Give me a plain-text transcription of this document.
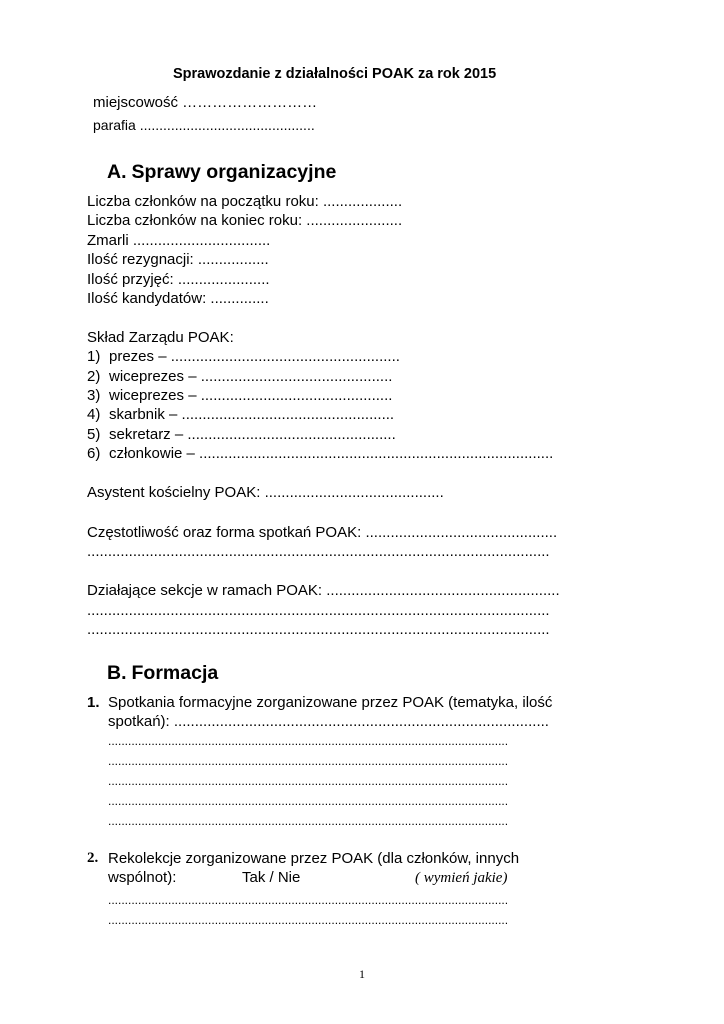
Sprawozdanie z działalności POAK za rok 2015
miejscowość ………………………
parafia .............................................
A. Sprawy organizacyjne
Liczba członków na początku roku: ...................
Liczba członków na koniec roku: .......................
Zmarli .................................
Ilość rezygnacji: .................
Ilość przyjęć: ......................
Ilość kandydatów: ..............
Skład Zarządu POAK:
1) prezes – .......................................................
2) wiceprezes – ..............................................
3) wiceprezes – ..............................................
4) skarbnik – ...................................................
5) sekretarz – ..................................................
6) członkowie – .....................................................................................
Asystent kościelny POAK: ...........................................
Częstotliwość oraz forma spotkań POAK: ..............................................
...............................................................................................................
Działające sekcje w ramach POAK: ........................................................
...............................................................................................................
...............................................................................................................
B. Formacja
1. Spotkania formacyjne zorganizowane przez POAK (tematyka, ilość
spotkań): ..........................................................................................
........................................................................................................................
........................................................................................................................
........................................................................................................................
........................................................................................................................
........................................................................................................................
2. Rekolekcje zorganizowane przez POAK (dla członków, innych
wspólnot):	Tak / Nie	( wymień jakie)
........................................................................................................................
........................................................................................................................
1
